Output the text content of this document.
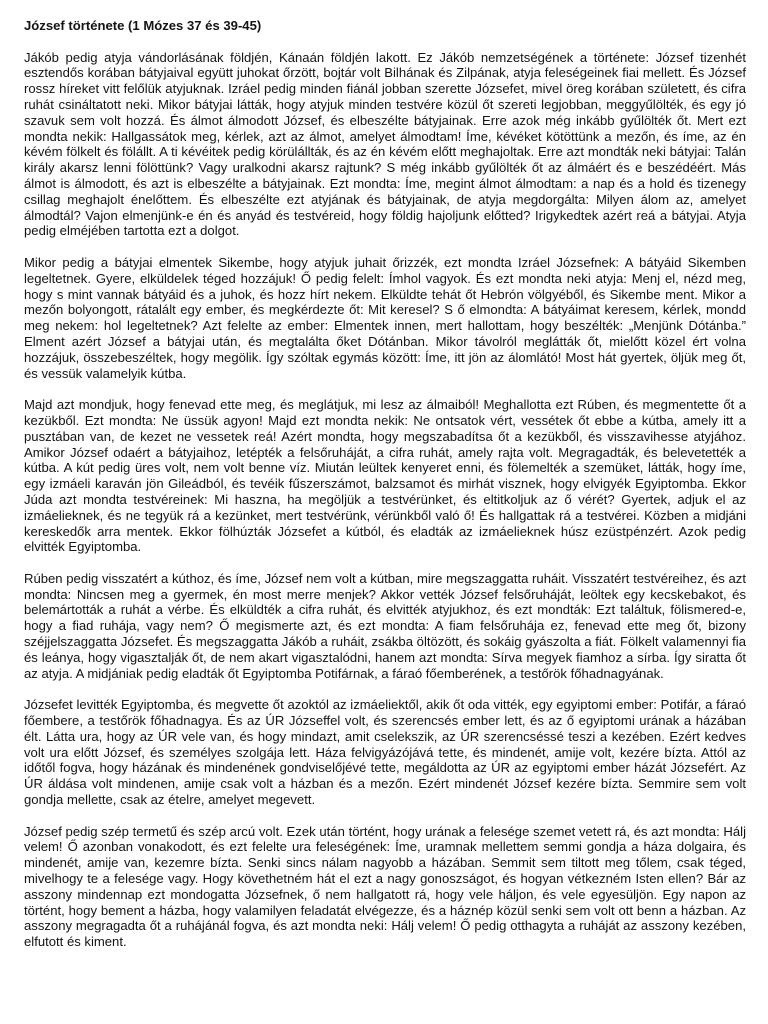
József története (1 Mózes 37 és 39-45)

Jákób pedig atyja vándorlásának földjén, Kánaán földjén lakott. Ez Jákób nemzetségének a története: József tizenhét esztendős korában bátyjaival együtt juhokat őrzött, bojtár volt Bilhának és Zilpának, atyja feleségeinek fiai mellett. És József rossz híreket vitt felőlük atyjuknak. Izráel pedig minden fiánál jobban szerette Józsefet, mivel öreg korában született, és cifra ruhát csináltatott neki. Mikor bátyjai látták, hogy atyjuk minden testvére közül őt szereti legjobban, meggyűlölték, és egy jó szavuk sem volt hozzá. És álmot álmodott József, és elbeszélte bátyjainak. Erre azok még inkább gyűlölték őt. Mert ezt mondta nekik: Hallgassátok meg, kérlek, azt az álmot, amelyet álmodtam! Íme, kévéket kötöttünk a mezőn, és íme, az én kévém fölkelt és fölállt. A ti kévéitek pedig körülállták, és az én kévém előtt meghajoltak. Erre azt mondták neki bátyjai: Talán király akarsz lenni fölöttünk? Vagy uralkodni akarsz rajtunk? S még inkább gyűlölték őt az álmáért és e beszédéért. Más álmot is álmodott, és azt is elbeszélte a bátyjainak. Ezt mondta: Íme, megint álmot álmodtam: a nap és a hold és tizenegy csillag meghajolt énelőttem. És elbeszélte ezt atyjának és bátyjainak, de atyja megdorgálta: Milyen álom az, amelyet álmodtál? Vajon elmenjünk-e én és anyád és testvéreid, hogy földig hajoljunk előtted? Irigykedtek azért reá a bátyjai. Atyja pedig elméjében tartotta ezt a dolgot.

Mikor pedig a bátyjai elmentek Sikembe, hogy atyjuk juhait őrizzék, ezt mondta Izráel Józsefnek: A bátyáid Sikemben legeltetnek. Gyere, elküldelek téged hozzájuk! Ő pedig felelt: Ímhol vagyok. És ezt mondta neki atyja: Menj el, nézd meg, hogy s mint vannak bátyáid és a juhok, és hozz hírt nekem. Elküldte tehát őt Hebrón völgyéből, és Sikembe ment. Mikor a mezőn bolyongott, rátalált egy ember, és megkérdezte őt: Mit keresel? S ő elmondta: A bátyáimat keresem, kérlek, mondd meg nekem: hol legeltetnek? Azt felelte az ember: Elmentek innen, mert hallottam, hogy beszélték: „Menjünk Dótánba.” Elment azért József a bátyjai után, és megtalálta őket Dótánban. Mikor távolról meglátták őt, mielőtt közel ért volna hozzájuk, összebeszéltek, hogy megölik. Így szóltak egymás között: Íme, itt jön az álomlátó! Most hát gyertek, öljük meg őt, és vessük valamelyik kútba.

Majd azt mondjuk, hogy fenevad ette meg, és meglátjuk, mi lesz az álmaiból! Meghallotta ezt Rúben, és megmentette őt a kezükből. Ezt mondta: Ne üssük agyon! Majd ezt mondta nekik: Ne ontsatok vért, vessétek őt ebbe a kútba, amely itt a pusztában van, de kezet ne vessetek reá! Azért mondta, hogy megszabadítsa őt a kezükből, és visszavihesse atyjához. Amikor József odaért a bátyjaihoz, letépték a felsőruháját, a cifra ruhát, amely rajta volt. Megragadták, és belevetették a kútba. A kút pedig üres volt, nem volt benne víz. Miután leültek kenyeret enni, és fölemelték a szemüket, látták, hogy íme, egy izmáeli karaván jön Gileádból, és tevéik fűszerszámot, balzsamot és mirhát visznek, hogy elvigyék Egyiptomba. Ekkor Júda azt mondta testvéreinek: Mi haszna, ha megöljük a testvérünket, és eltitkoljuk az ő vérét? Gyertek, adjuk el az izmáelieknek, és ne tegyük rá a kezünket, mert testvérünk, vérünkből való ő! És hallgattak rá a testvérei. Közben a midjáni kereskedők arra mentek. Ekkor fölhúzták Józsefet a kútból, és eladták az izmáelieknek húsz ezüstpénzért. Azok pedig elvitték Egyiptomba.

Rúben pedig visszatért a kúthoz, és íme, József nem volt a kútban, mire megszaggatta ruháit. Visszatért testvéreihez, és azt mondta: Nincsen meg a gyermek, én most merre menjek? Akkor vették József felsőruháját, leöltek egy kecskebakot, és belemártották a ruhát a vérbe. És elküldték a cifra ruhát, és elvitték atyjukhoz, és ezt mondták: Ezt találtuk, fölismered-e, hogy a fiad ruhája, vagy nem? Ő megismerte azt, és ezt mondta: A fiam felsőruhája ez, fenevad ette meg őt, bizony széjjelszaggatta Józsefet. És megszaggatta Jákób a ruháit, zsákba öltözött, és sokáig gyászolta a fiát. Fölkelt valamennyi fia és leánya, hogy vigasztalják őt, de nem akart vigasztalódni, hanem azt mondta: Sírva megyek fiamhoz a sírba. Így siratta őt az atyja. A midjániak pedig eladták őt Egyiptomba Potifárnak, a fáraó főemberének, a testőrök főhadnagyának.

Józsefet levitték Egyiptomba, és megvette őt azoktól az izmáeliektől, akik őt oda vitték, egy egyiptomi ember: Potifár, a fáraó főembere, a testőrök főhadnagya. És az ÚR Józseffel volt, és szerencsés ember lett, és az ő egyiptomi urának a házában élt. Látta ura, hogy az ÚR vele van, és hogy mindazt, amit cselekszik, az ÚR szerencséssé teszi a kezében. Ezért kedves volt ura előtt József, és személyes szolgája lett. Háza felvigyázójává tette, és mindenét, amije volt, kezére bízta. Attól az időtől fogva, hogy házának és mindenének gondviselőjévé tette, megáldotta az ÚR az egyiptomi ember házát Józsefért. Az ÚR áldása volt mindenen, amije csak volt a házban és a mezőn. Ezért mindenét József kezére bízta. Semmire sem volt gondja mellette, csak az ételre, amelyet megevett.

József pedig szép termetű és szép arcú volt. Ezek után történt, hogy urának a felesége szemet vetett rá, és azt mondta: Hálj velem! Ő azonban vonakodott, és ezt felelte ura feleségének: Íme, uramnak mellettem semmi gondja a háza dolgaira, és mindenét, amije van, kezemre bízta. Senki sincs nálam nagyobb a házában. Semmit sem tiltott meg tőlem, csak téged, mivelhogy te a felesége vagy. Hogy követhetném hát el ezt a nagy gonoszságot, és hogyan vétkezném Isten ellen? Bár az asszony mindennap ezt mondogatta Józsefnek, ő nem hallgatott rá, hogy vele háljon, és vele egyesüljön. Egy napon az történt, hogy bement a házba, hogy valamilyen feladatát elvégezze, és a háznép közül senki sem volt ott benn a házban. Az asszony megragadta őt a ruhájánál fogva, és azt mondta neki: Hálj velem! Ő pedig otthagyta a ruháját az asszony kezében, elfutott és kiment.
